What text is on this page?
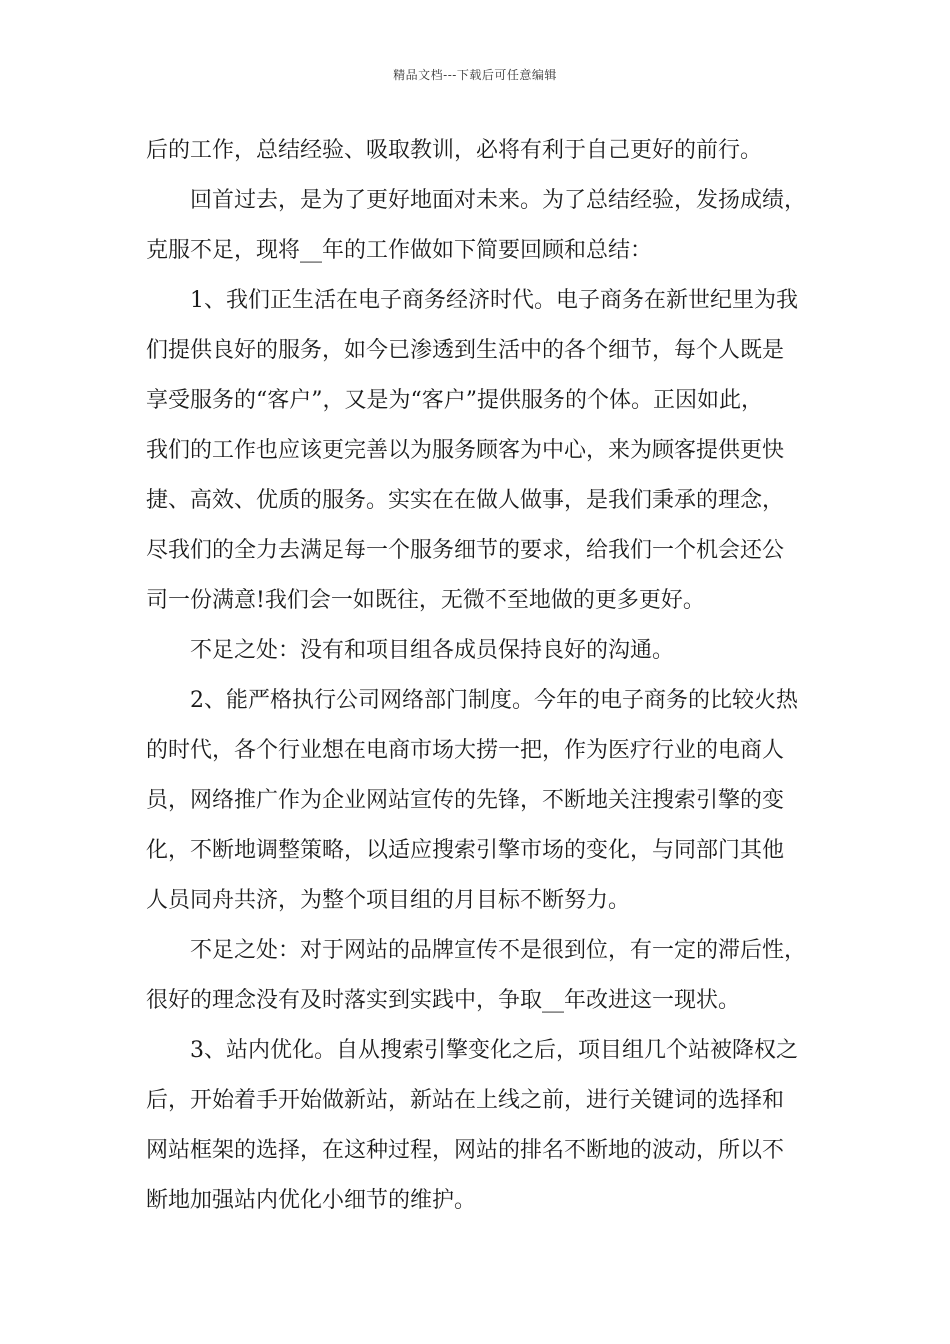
精品文档---下载后可任意编辑
后的工作，总结经验、吸取教训，必将有利于自己更好的前行。
　　回首过去，是为了更好地面对未来。为了总结经验，发扬成绩，
克服不足，现将__年的工作做如下简要回顾和总结：
　　1、我们正生活在电子商务经济时代。电子商务在新世纪里为我
们提供良好的服务，如今已渗透到生活中的各个细节，每个人既是
享受服务的“客户”，又是为“客户”提供服务的个体。正因如此，
我们的工作也应该更完善以为服务顾客为中心，来为顾客提供更快
捷、高效、优质的服务。实实在在做人做事，是我们秉承的理念，
尽我们的全力去满足每一个服务细节的要求，给我们一个机会还公
司一份满意!我们会一如既往，无微不至地做的更多更好。
　　不足之处：没有和项目组各成员保持良好的沟通。
　　2、能严格执行公司网络部门制度。今年的电子商务的比较火热
的时代，各个行业想在电商市场大捞一把，作为医疗行业的电商人
员，网络推广作为企业网站宣传的先锋，不断地关注搜索引擎的变
化，不断地调整策略，以适应搜索引擎市场的变化，与同部门其他
人员同舟共济，为整个项目组的月目标不断努力。
　　不足之处：对于网站的品牌宣传不是很到位，有一定的滞后性，
很好的理念没有及时落实到实践中，争取__年改进这一现状。
　　3、站内优化。自从搜索引擎变化之后，项目组几个站被降权之
后，开始着手开始做新站，新站在上线之前，进行关键词的选择和
网站框架的选择，在这种过程，网站的排名不断地的波动，所以不
断地加强站内优化小细节的维护。
